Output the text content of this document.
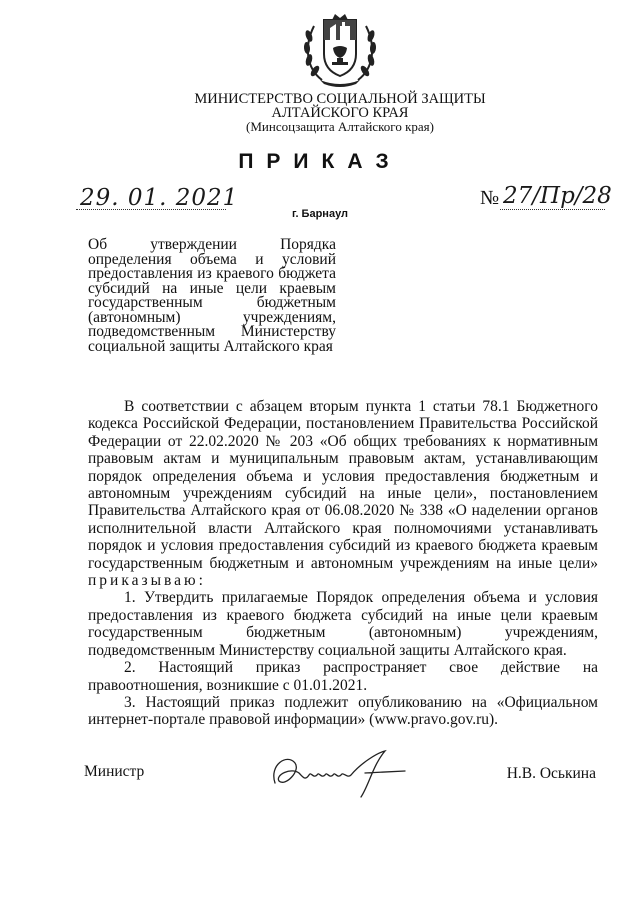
МИНИСТЕРСТВО СОЦИАЛЬНОЙ ЗАЩИТЫ
АЛТАЙСКОГО КРАЯ
(Минсоцзащита Алтайского края)
ПРИКАЗ
29. 01. 2021	№ 27/Пр/28
г. Барнаул
Об утверждении Порядка определения объема и условий предоставления из краевого бюджета субсидий на иные цели краевым государственным бюджетным (автономным) учреждениям, подведомственным Министерству социальной защиты Алтайского края

В соответствии с абзацем вторым пункта 1 статьи 78.1 Бюджетного кодекса Российской Федерации, постановлением Правительства Российской Федерации от 22.02.2020 № 203 «Об общих требованиях к нормативным правовым актам и муниципальным правовым актам, устанавливающим порядок определения объема и условия предоставления бюджетным и автономным учреждениям субсидий на иные цели», постановлением Правительства Алтайского края от 06.08.2020 № 338 «О наделении органов исполнительной власти Алтайского края полномочиями устанавливать порядок и условия предоставления субсидий из краевого бюджета краевым государственным бюджетным и автономным учреждениям на иные цели» приказываю:

1. Утвердить прилагаемые Порядок определения объема и условия предоставления из краевого бюджета субсидий на иные цели краевым государственным бюджетным (автономным) учреждениям, подведомственным Министерству социальной защиты Алтайского края.

2. Настоящий приказ распространяет свое действие на правоотношения, возникшие с 01.01.2021.

3. Настоящий приказ подлежит опубликованию на «Официальном интернет-портале правовой информации» (www.pravo.gov.ru).

Министр	Н.В. Оськина
